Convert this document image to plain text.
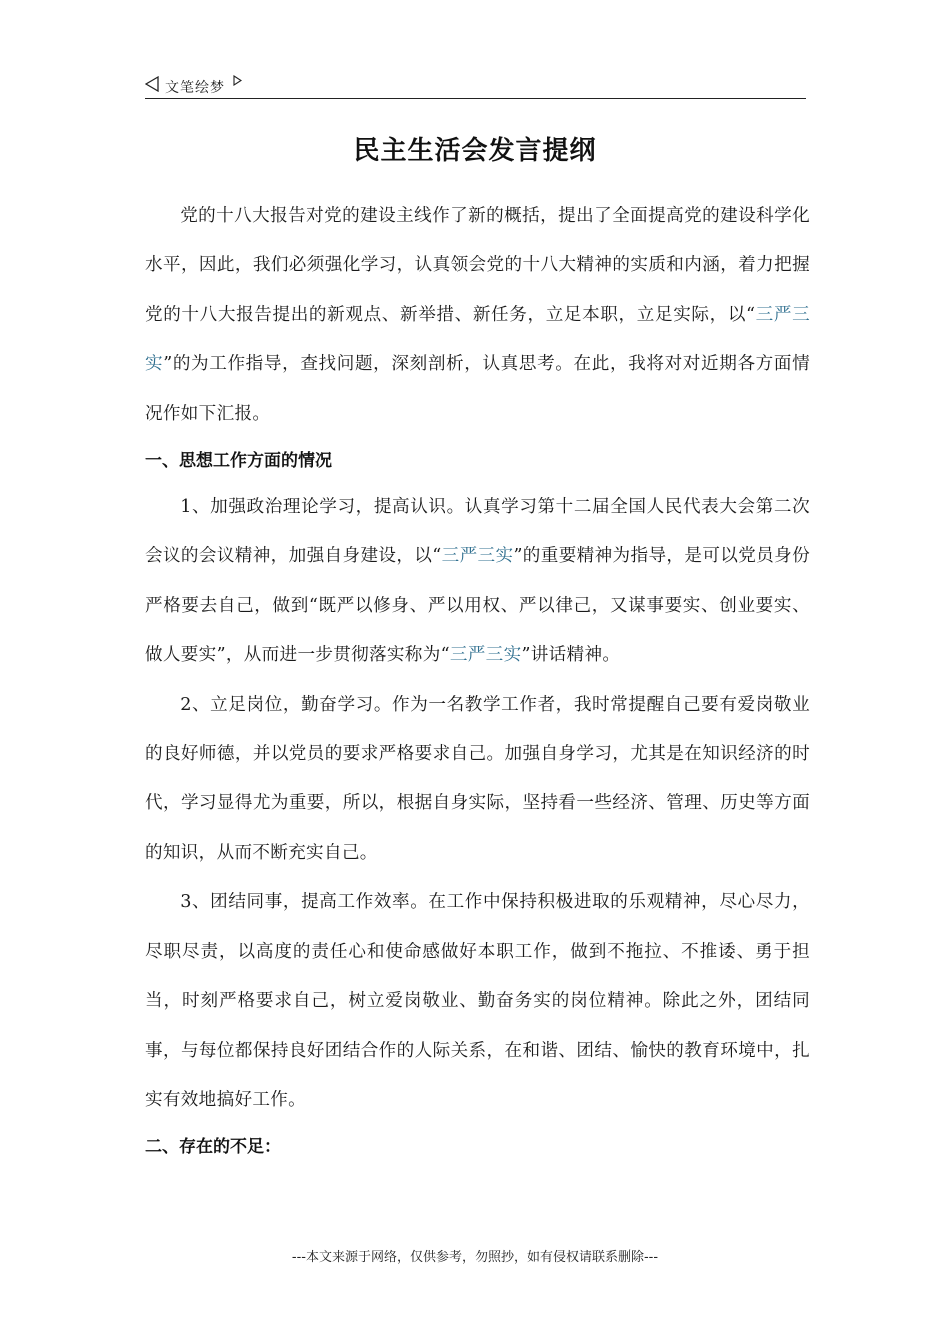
文笔绘梦
民主生活会发言提纲

党的十八大报告对党的建设主线作了新的概括，提出了全面提高党的建设科学化水平，因此，我们必须强化学习，认真领会党的十八大精神的实质和内涵，着力把握党的十八大报告提出的新观点、新举措、新任务，立足本职，立足实际，以“三严三实”的为工作指导，查找问题，深刻剖析，认真思考。在此，我将对对近期各方面情况作如下汇报。

一、思想工作方面的情况

1、加强政治理论学习，提高认识。认真学习第十二届全国人民代表大会第二次会议的会议精神，加强自身建设，以“三严三实”的重要精神为指导，是可以党员身份严格要去自己，做到“既严以修身、严以用权、严以律己，又谋事要实、创业要实、做人要实”，从而进一步贯彻落实称为“三严三实”讲话精神。

2、立足岗位，勤奋学习。作为一名教学工作者，我时常提醒自己要有爱岗敬业的良好师德，并以党员的要求严格要求自己。加强自身学习，尤其是在知识经济的时代，学习显得尤为重要，所以，根据自身实际，坚持看一些经济、管理、历史等方面的知识，从而不断充实自己。

3、团结同事，提高工作效率。在工作中保持积极进取的乐观精神，尽心尽力，尽职尽责，以高度的责任心和使命感做好本职工作，做到不拖拉、不推诿、勇于担当，时刻严格要求自己，树立爱岗敬业、勤奋务实的岗位精神。除此之外，团结同事，与每位都保持良好团结合作的人际关系，在和谐、团结、愉快的教育环境中，扎实有效地搞好工作。

二、存在的不足：

---本文来源于网络，仅供参考，勿照抄，如有侵权请联系删除---
